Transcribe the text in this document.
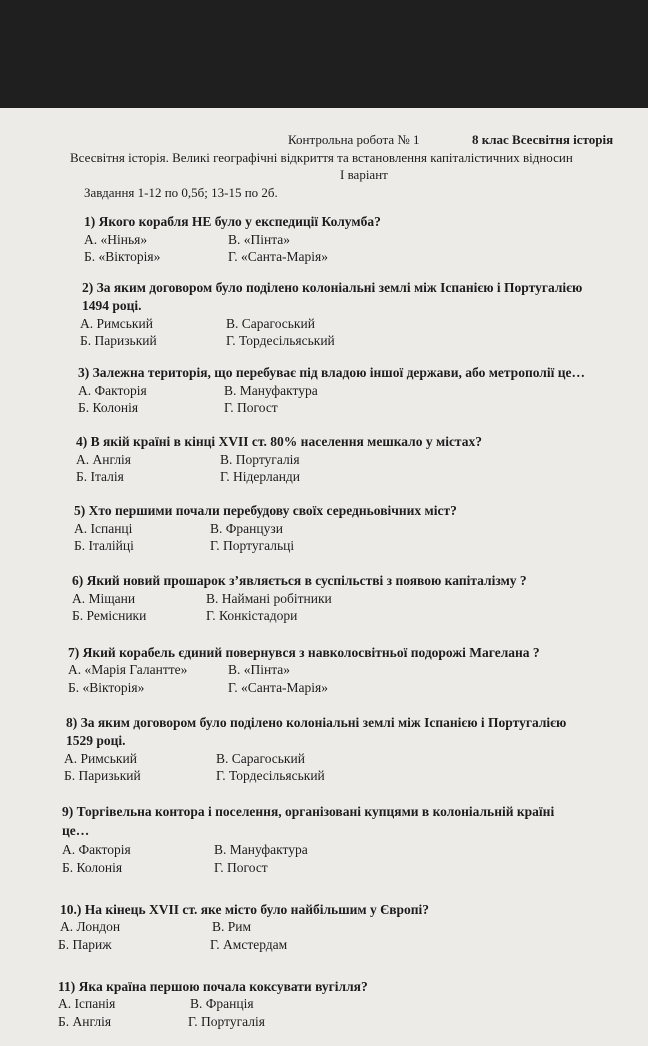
Контрольна робота № 1	8 клас Всесвітня історія
Всесвітня історія. Великі географічні відкриття та встановлення капіталістичних відносин
I варіант
Завдання 1-12 по 0,5б; 13-15 по 2б.
1) Якого корабля НЕ було у експедиції Колумба?
А. «Нінья»
Б. «Вікторія»
В. «Пінта»
Г. «Санта-Марія»
2) За яким договором було поділено колоніальні землі між Іспанією і Португалією
1494 році.
А. Римський
Б. Паризький
В. Сарагоський
Г. Тордесільяський
3) Залежна територія, що перебуває під владою іншої держави, або метрополії це…
А. Факторія
Б. Колонія
В. Мануфактура
Г. Погост
4) В якій країні в кінці XVII ст. 80% населення мешкало у містах?
А. Англія
Б. Італія
В. Португалія
Г. Нідерланди
5) Хто першими почали перебудову своїх середньовічних міст?
А. Іспанці
Б. Італійці
В. Французи
Г. Португальці
6) Який новий прошарок з’являється в суспільстві з появою капіталізму ?
А. Міщани
Б. Ремісники
В. Наймані робітники
Г. Конкістадори
7) Який корабель єдиний повернувся з навколосвітньої подорожі Магелана ?
А. «Марія Галантте»
Б. «Вікторія»
В. «Пінта»
Г. «Санта-Марія»
8) За яким договором було поділено колоніальні землі між Іспанією і Португалією
1529 році.
А. Римський
Б. Паризький
В. Сарагоський
Г. Тордесільяський
9) Торгівельна контора і поселення, організовані купцями в колоніальній країні
це…
А. Факторія
Б. Колонія
В. Мануфактура
Г. Погост
10.) На кінець XVII ст. яке місто було найбільшим у Європі?
А. Лондон
Б. Париж
В. Рим
Г. Амстердам
11) Яка країна першою почала коксувати вугілля?
А. Іспанія
Б. Англія
В. Франція
Г. Португалія
